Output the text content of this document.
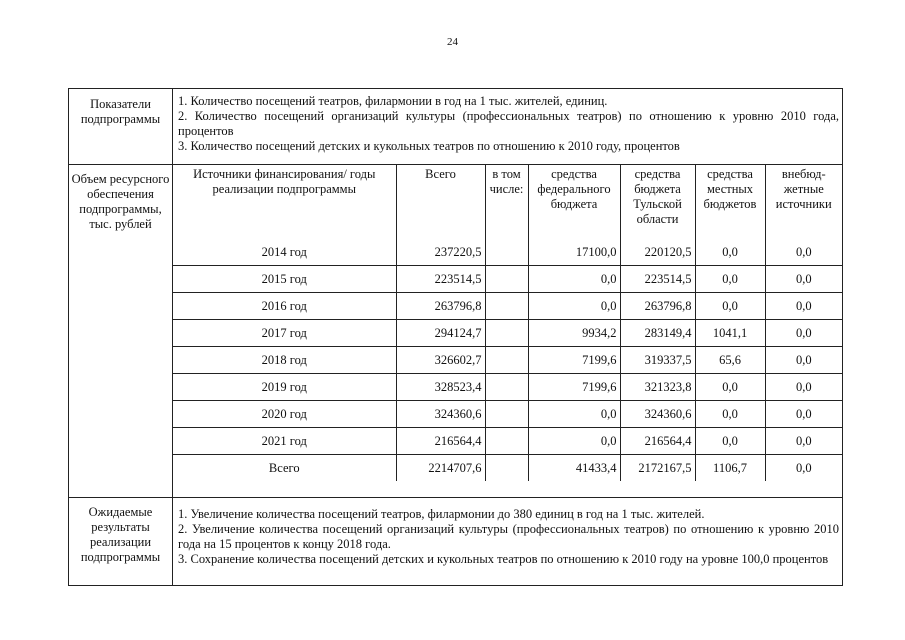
24
Показатели подпрограммы

1. Количество посещений театров, филармонии в год на 1 тыс. жителей, единиц.

2. Количество посещений организаций культуры (профессиональных театров) по отношению к уровню 2010 года, процентов

3. Количество посещений детских и кукольных театров по отношению к 2010 году, процентов

Объем ресурсного обеспечения подпрограммы, тыс. рублей
Источники финансирования/ годы реализации подпрограммы	Всего	в том числе:	средства федерального бюджета	средства бюджета Тульской области	средства местных бюджетов	внебюд-жетные источники
2014 год	237220,5		17100,0	220120,5	0,0	0,0
2015 год	223514,5		0,0	223514,5	0,0	0,0
2016 год	263796,8		0,0	263796,8	0,0	0,0
2017 год	294124,7		9934,2	283149,4	1041,1	0,0
2018 год	326602,7		7199,6	319337,5	65,6	0,0
2019 год	328523,4		7199,6	321323,8	0,0	0,0
2020 год	324360,6		0,0	324360,6	0,0	0,0
2021 год	216564,4		0,0	216564,4	0,0	0,0
Всего	2214707,6		41433,4	2172167,5	1106,7	0,0
Ожидаемые результаты реализации подпрограммы

1. Увеличение количества посещений театров, филармонии до 380 единиц в год на 1 тыс. жителей.

2. Увеличение количества посещений организаций культуры (профессиональных театров) по отношению к уровню 2010 года на 15 процентов к концу 2018 года.

3. Сохранение количества посещений детских и кукольных театров по отношению к 2010 году на уровне 100,0 процентов
